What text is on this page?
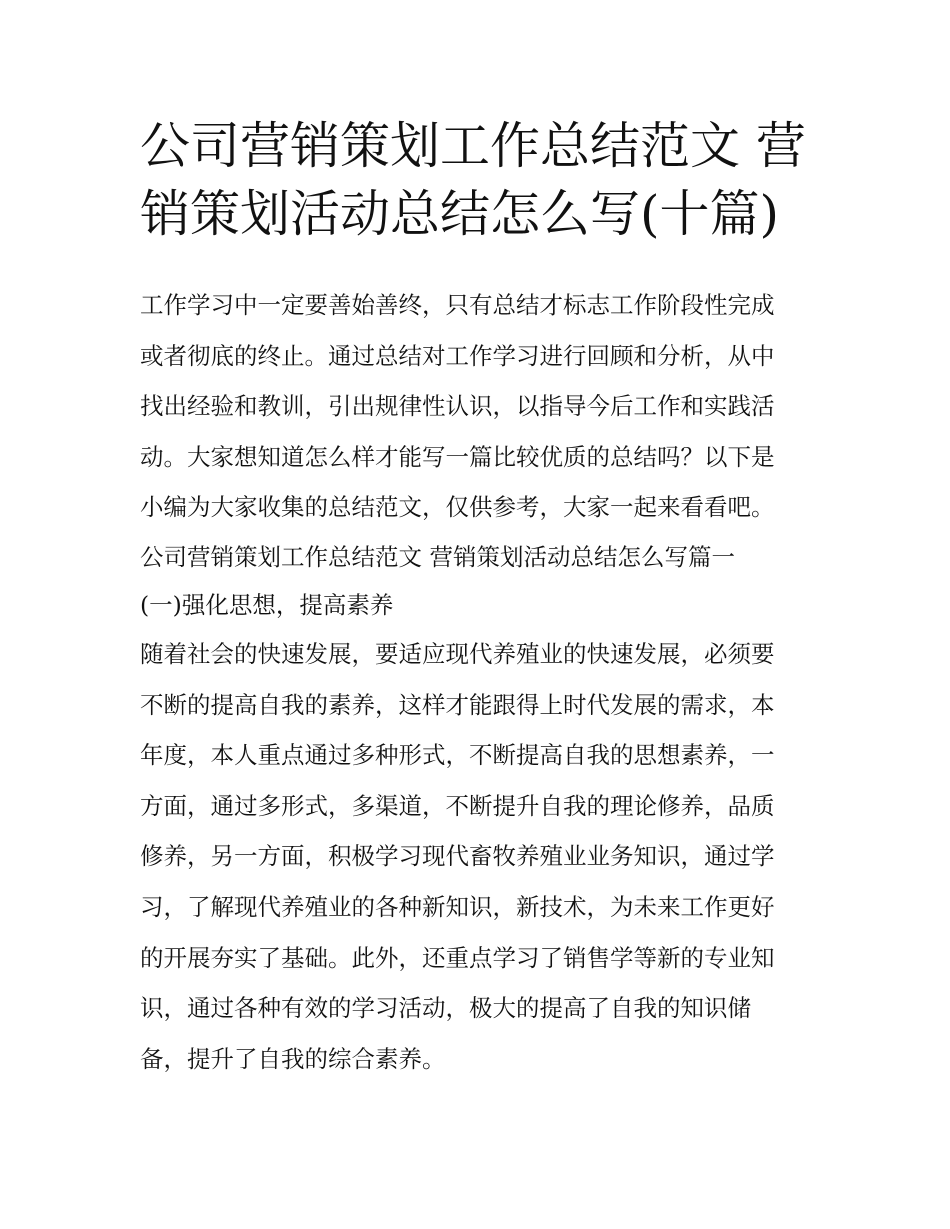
公司营销策划工作总结范文 营
销策划活动总结怎么写(十篇)
工作学习中一定要善始善终，只有总结才标志工作阶段性完成
或者彻底的终止。通过总结对工作学习进行回顾和分析，从中
找出经验和教训，引出规律性认识，以指导今后工作和实践活
动。大家想知道怎么样才能写一篇比较优质的总结吗？以下是
小编为大家收集的总结范文，仅供参考，大家一起来看看吧。
公司营销策划工作总结范文 营销策划活动总结怎么写篇一
(一)强化思想，提高素养
随着社会的快速发展，要适应现代养殖业的快速发展，必须要
不断的提高自我的素养，这样才能跟得上时代发展的需求，本
年度，本人重点通过多种形式，不断提高自我的思想素养，一
方面，通过多形式，多渠道，不断提升自我的理论修养，品质
修养，另一方面，积极学习现代畜牧养殖业业务知识，通过学
习，了解现代养殖业的各种新知识，新技术，为未来工作更好
的开展夯实了基础。此外，还重点学习了销售学等新的专业知
识，通过各种有效的学习活动，极大的提高了自我的知识储
备，提升了自我的综合素养。
